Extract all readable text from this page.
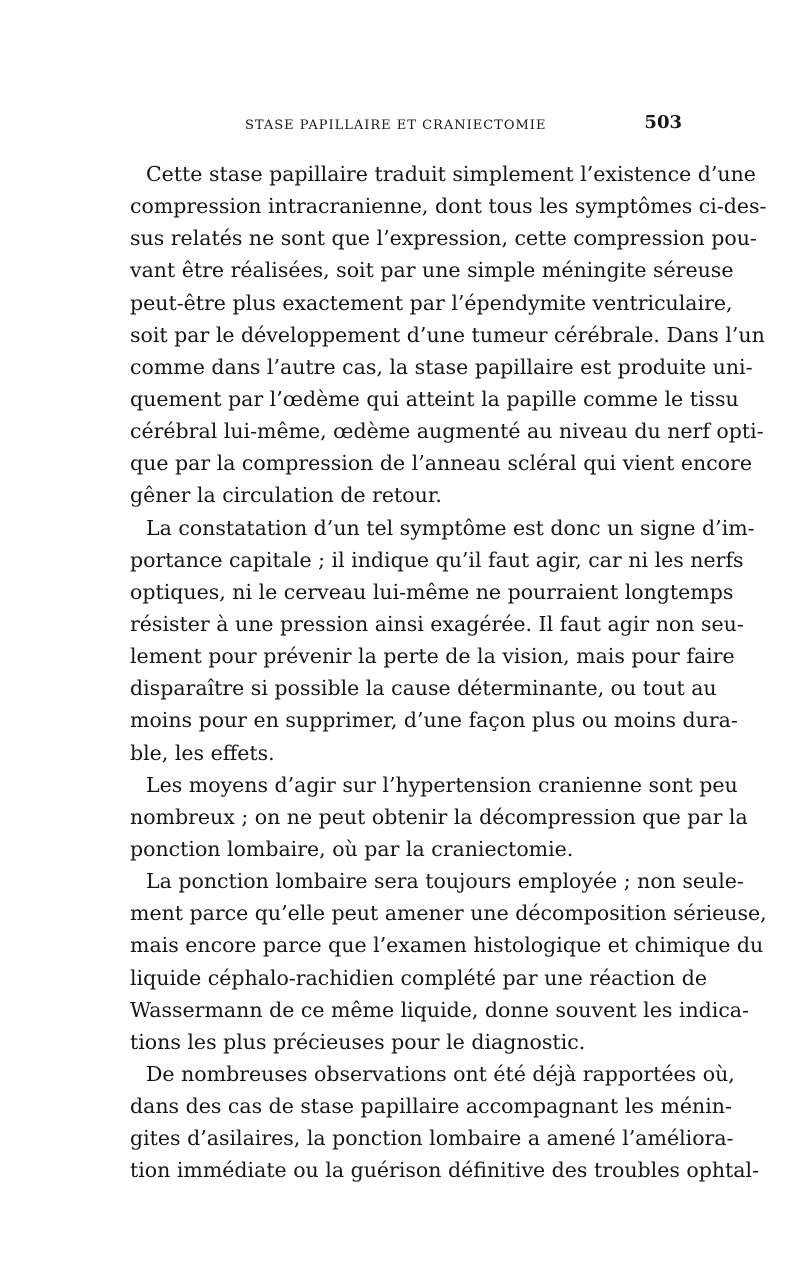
STASE PAPILLAIRE ET CRANIECTOMIE	503
Cette stase papillaire traduit simplement l’existence d’une
compression intracranienne, dont tous les symptômes ci-des-
sus relatés ne sont que l’expression, cette compression pou-
vant être réalisées, soit par une simple méningite séreuse
peut-être plus exactement par l’épendymite ventriculaire,
soit par le développement d’une tumeur cérébrale. Dans l’un
comme dans l’autre cas, la stase papillaire est produite uni-
quement par l’œdème qui atteint la papille comme le tissu
cérébral lui-même, œdème augmenté au niveau du nerf opti-
que par la compression de l’anneau scléral qui vient encore
gêner la circulation de retour.
La constatation d’un tel symptôme est donc un signe d’im-
portance capitale ; il indique qu’il faut agir, car ni les nerfs
optiques, ni le cerveau lui-même ne pourraient longtemps
résister à une pression ainsi exagérée. Il faut agir non seu-
lement pour prévenir la perte de la vision, mais pour faire
disparaître si possible la cause déterminante, ou tout au
moins pour en supprimer, d’une façon plus ou moins dura-
ble, les effets.
Les moyens d’agir sur l’hypertension cranienne sont peu
nombreux ; on ne peut obtenir la décompression que par la
ponction lombaire, où par la craniectomie.
La ponction lombaire sera toujours employée ; non seule-
ment parce qu’elle peut amener une décomposition sérieuse,
mais encore parce que l’examen histologique et chimique du
liquide céphalo-rachidien complété par une réaction de
Wassermann de ce même liquide, donne souvent les indica-
tions les plus précieuses pour le diagnostic.
De nombreuses observations ont été déjà rapportées où,
dans des cas de stase papillaire accompagnant les ménin-
gites d’asilaires, la ponction lombaire a amené l’améliora-
tion immédiate ou la guérison définitive des troubles ophtal-
